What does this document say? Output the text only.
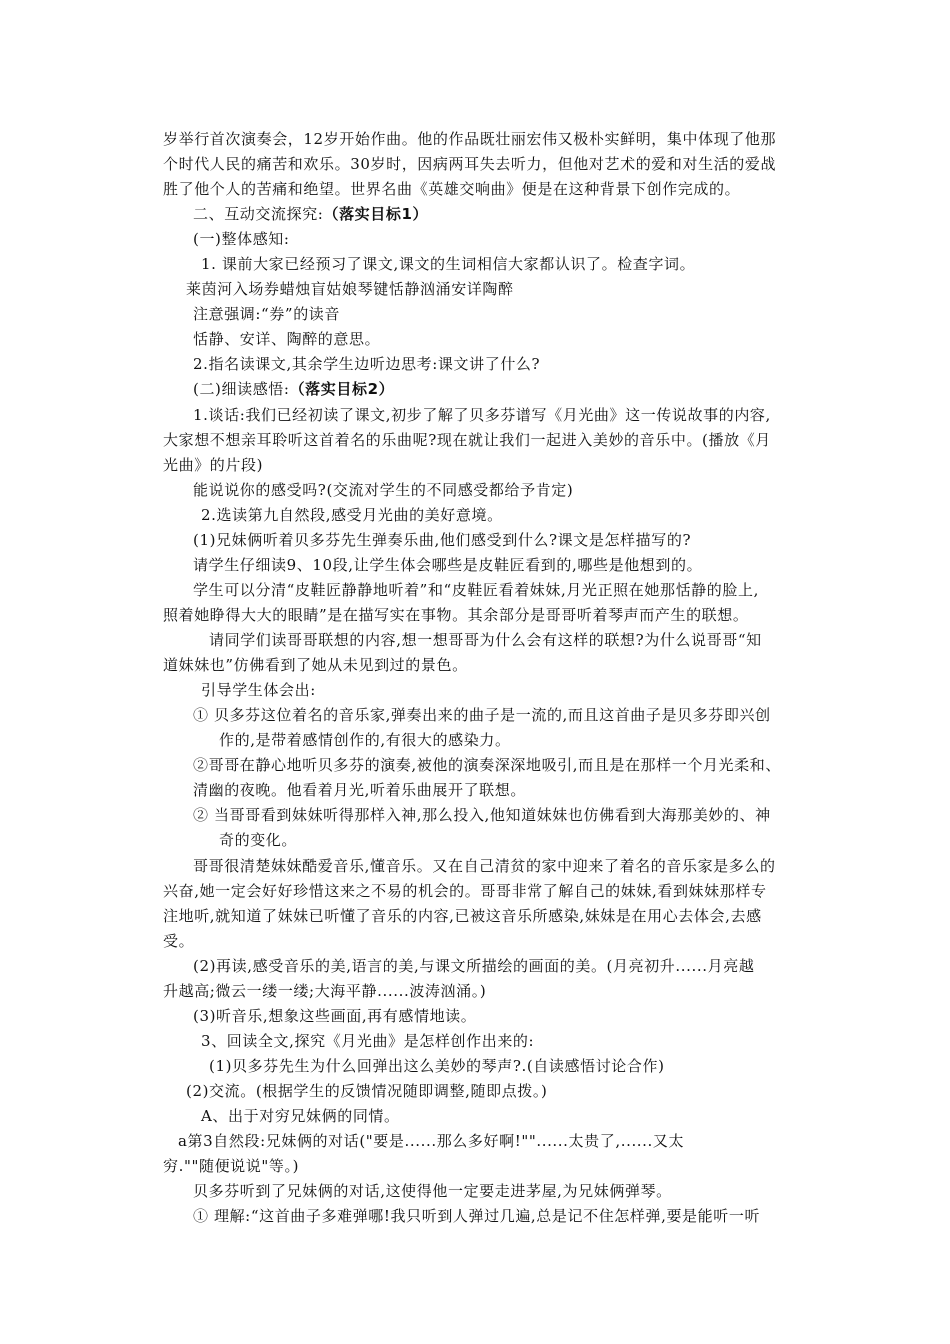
岁举行首次演奏会，12岁开始作曲。他的作品既壮丽宏伟又极朴实鲜明，集中体现了他那
个时代人民的痛苦和欢乐。30岁时，因病两耳失去听力，但他对艺术的爱和对生活的爱战
胜了他个人的苦痛和绝望。世界名曲《英雄交响曲》便是在这种背景下创作完成的。
二、互动交流探究:（落实目标1）
(一)整体感知:
1. 课前大家已经预习了课文,课文的生词相信大家都认识了。检查字词。
莱茵河入场券蜡烛盲姑娘琴键恬静汹涌安详陶醉
注意强调:“券”的读音
恬静、安详、陶醉的意思。
2.指名读课文,其余学生边听边思考:课文讲了什么?
(二)细读感悟:（落实目标2）
1.谈话:我们已经初读了课文,初步了解了贝多芬谱写《月光曲》这一传说故事的内容,
大家想不想亲耳聆听这首着名的乐曲呢?现在就让我们一起进入美妙的音乐中。(播放《月
光曲》的片段)
能说说你的感受吗?(交流对学生的不同感受都给予肯定)
2.选读第九自然段,感受月光曲的美好意境。
(1)兄妹俩听着贝多芬先生弹奏乐曲,他们感受到什么?课文是怎样描写的?
请学生仔细读9、10段,让学生体会哪些是皮鞋匠看到的,哪些是他想到的。
学生可以分清“皮鞋匠静静地听着”和“皮鞋匠看着妹妹,月光正照在她那恬静的脸上,
照着她睁得大大的眼睛”是在描写实在事物。其余部分是哥哥听着琴声而产生的联想。
请同学们读哥哥联想的内容,想一想哥哥为什么会有这样的联想?为什么说哥哥“知
道妹妹也”仿佛看到了她从未见到过的景色。
引导学生体会出:
① 贝多芬这位着名的音乐家,弹奏出来的曲子是一流的,而且这首曲子是贝多芬即兴创
作的,是带着感情创作的,有很大的感染力。
②哥哥在静心地听贝多芬的演奏,被他的演奏深深地吸引,而且是在那样一个月光柔和、
清幽的夜晚。他看着月光,听着乐曲展开了联想。
② 当哥哥看到妹妹听得那样入神,那么投入,他知道妹妹也仿佛看到大海那美妙的、神
奇的变化。
哥哥很清楚妹妹酷爱音乐,懂音乐。又在自己清贫的家中迎来了着名的音乐家是多么的
兴奋,她一定会好好珍惜这来之不易的机会的。哥哥非常了解自己的妹妹,看到妹妹那样专
注地听,就知道了妹妹已听懂了音乐的内容,已被这音乐所感染,妹妹是在用心去体会,去感
受。
(2)再读,感受音乐的美,语言的美,与课文所描绘的画面的美。(月亮初升......月亮越
升越高;微云一缕一缕;大海平静......波涛汹涌。)
(3)听音乐,想象这些画面,再有感情地读。
3、回读全文,探究《月光曲》是怎样创作出来的:
(1)贝多芬先生为什么回弹出这么美妙的琴声?.(自读感悟讨论合作)
(2)交流。(根据学生的反馈情况随即调整,随即点拨。)
A、出于对穷兄妹俩的同情。
a第3自然段:兄妹俩的对话("要是......那么多好啊!""......太贵了,......又太
穷.""随便说说"等。)
贝多芬听到了兄妹俩的对话,这使得他一定要走进茅屋,为兄妹俩弹琴。
① 理解:“这首曲子多难弹哪!我只听到人弹过几遍,总是记不住怎样弹,要是能听一听
